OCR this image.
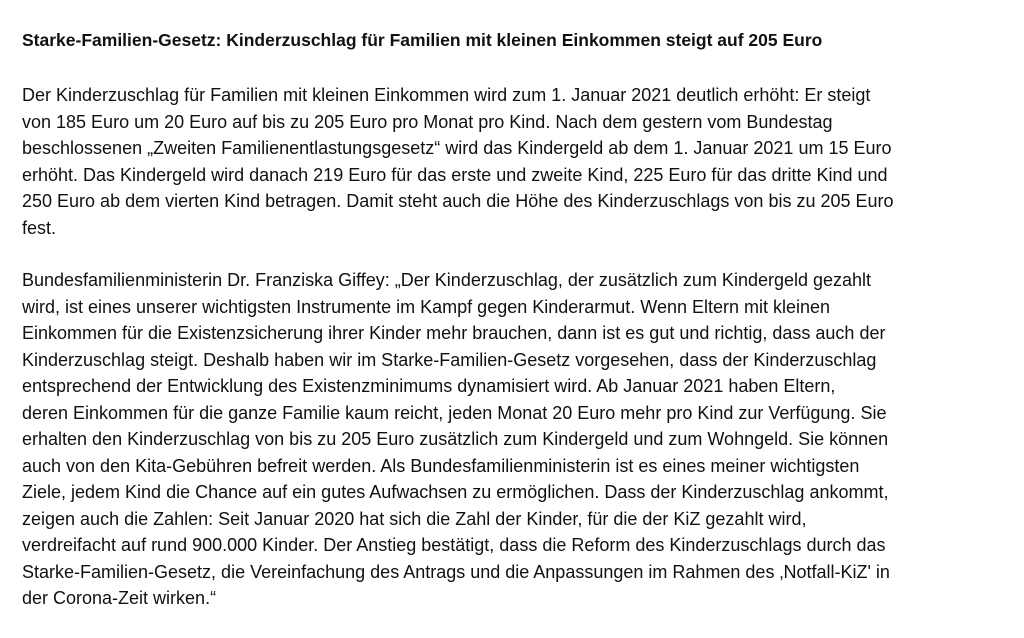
Starke-Familien-Gesetz: Kinderzuschlag für Familien mit kleinen Einkommen steigt auf 205 Euro

Der Kinderzuschlag für Familien mit kleinen Einkommen wird zum 1. Januar 2021 deutlich erhöht: Er steigt
von 185 Euro um 20 Euro auf bis zu 205 Euro pro Monat pro Kind. Nach dem gestern vom Bundestag
beschlossenen „Zweiten Familienentlastungsgesetz“ wird das Kindergeld ab dem 1. Januar 2021 um 15 Euro
erhöht. Das Kindergeld wird danach 219 Euro für das erste und zweite Kind, 225 Euro für das dritte Kind und
250 Euro ab dem vierten Kind betragen. Damit steht auch die Höhe des Kinderzuschlags von bis zu 205 Euro
fest.

Bundesfamilienministerin Dr. Franziska Giffey: „Der Kinderzuschlag, der zusätzlich zum Kindergeld gezahlt
wird, ist eines unserer wichtigsten Instrumente im Kampf gegen Kinderarmut. Wenn Eltern mit kleinen
Einkommen für die Existenzsicherung ihrer Kinder mehr brauchen, dann ist es gut und richtig, dass auch der
Kinderzuschlag steigt. Deshalb haben wir im Starke-Familien-Gesetz vorgesehen, dass der Kinderzuschlag
entsprechend der Entwicklung des Existenzminimums dynamisiert wird. Ab Januar 2021 haben Eltern,
deren Einkommen für die ganze Familie kaum reicht, jeden Monat 20 Euro mehr pro Kind zur Verfügung. Sie
erhalten den Kinderzuschlag von bis zu 205 Euro zusätzlich zum Kindergeld und zum Wohngeld. Sie können
auch von den Kita-Gebühren befreit werden. Als Bundesfamilienministerin ist es eines meiner wichtigsten
Ziele, jedem Kind die Chance auf ein gutes Aufwachsen zu ermöglichen. Dass der Kinderzuschlag ankommt,
zeigen auch die Zahlen: Seit Januar 2020 hat sich die Zahl der Kinder, für die der KiZ gezahlt wird,
verdreifacht auf rund 900.000 Kinder. Der Anstieg bestätigt, dass die Reform des Kinderzuschlags durch das
Starke-Familien-Gesetz, die Vereinfachung des Antrags und die Anpassungen im Rahmen des ‚Notfall-KiZ' in
der Corona-Zeit wirken.“
